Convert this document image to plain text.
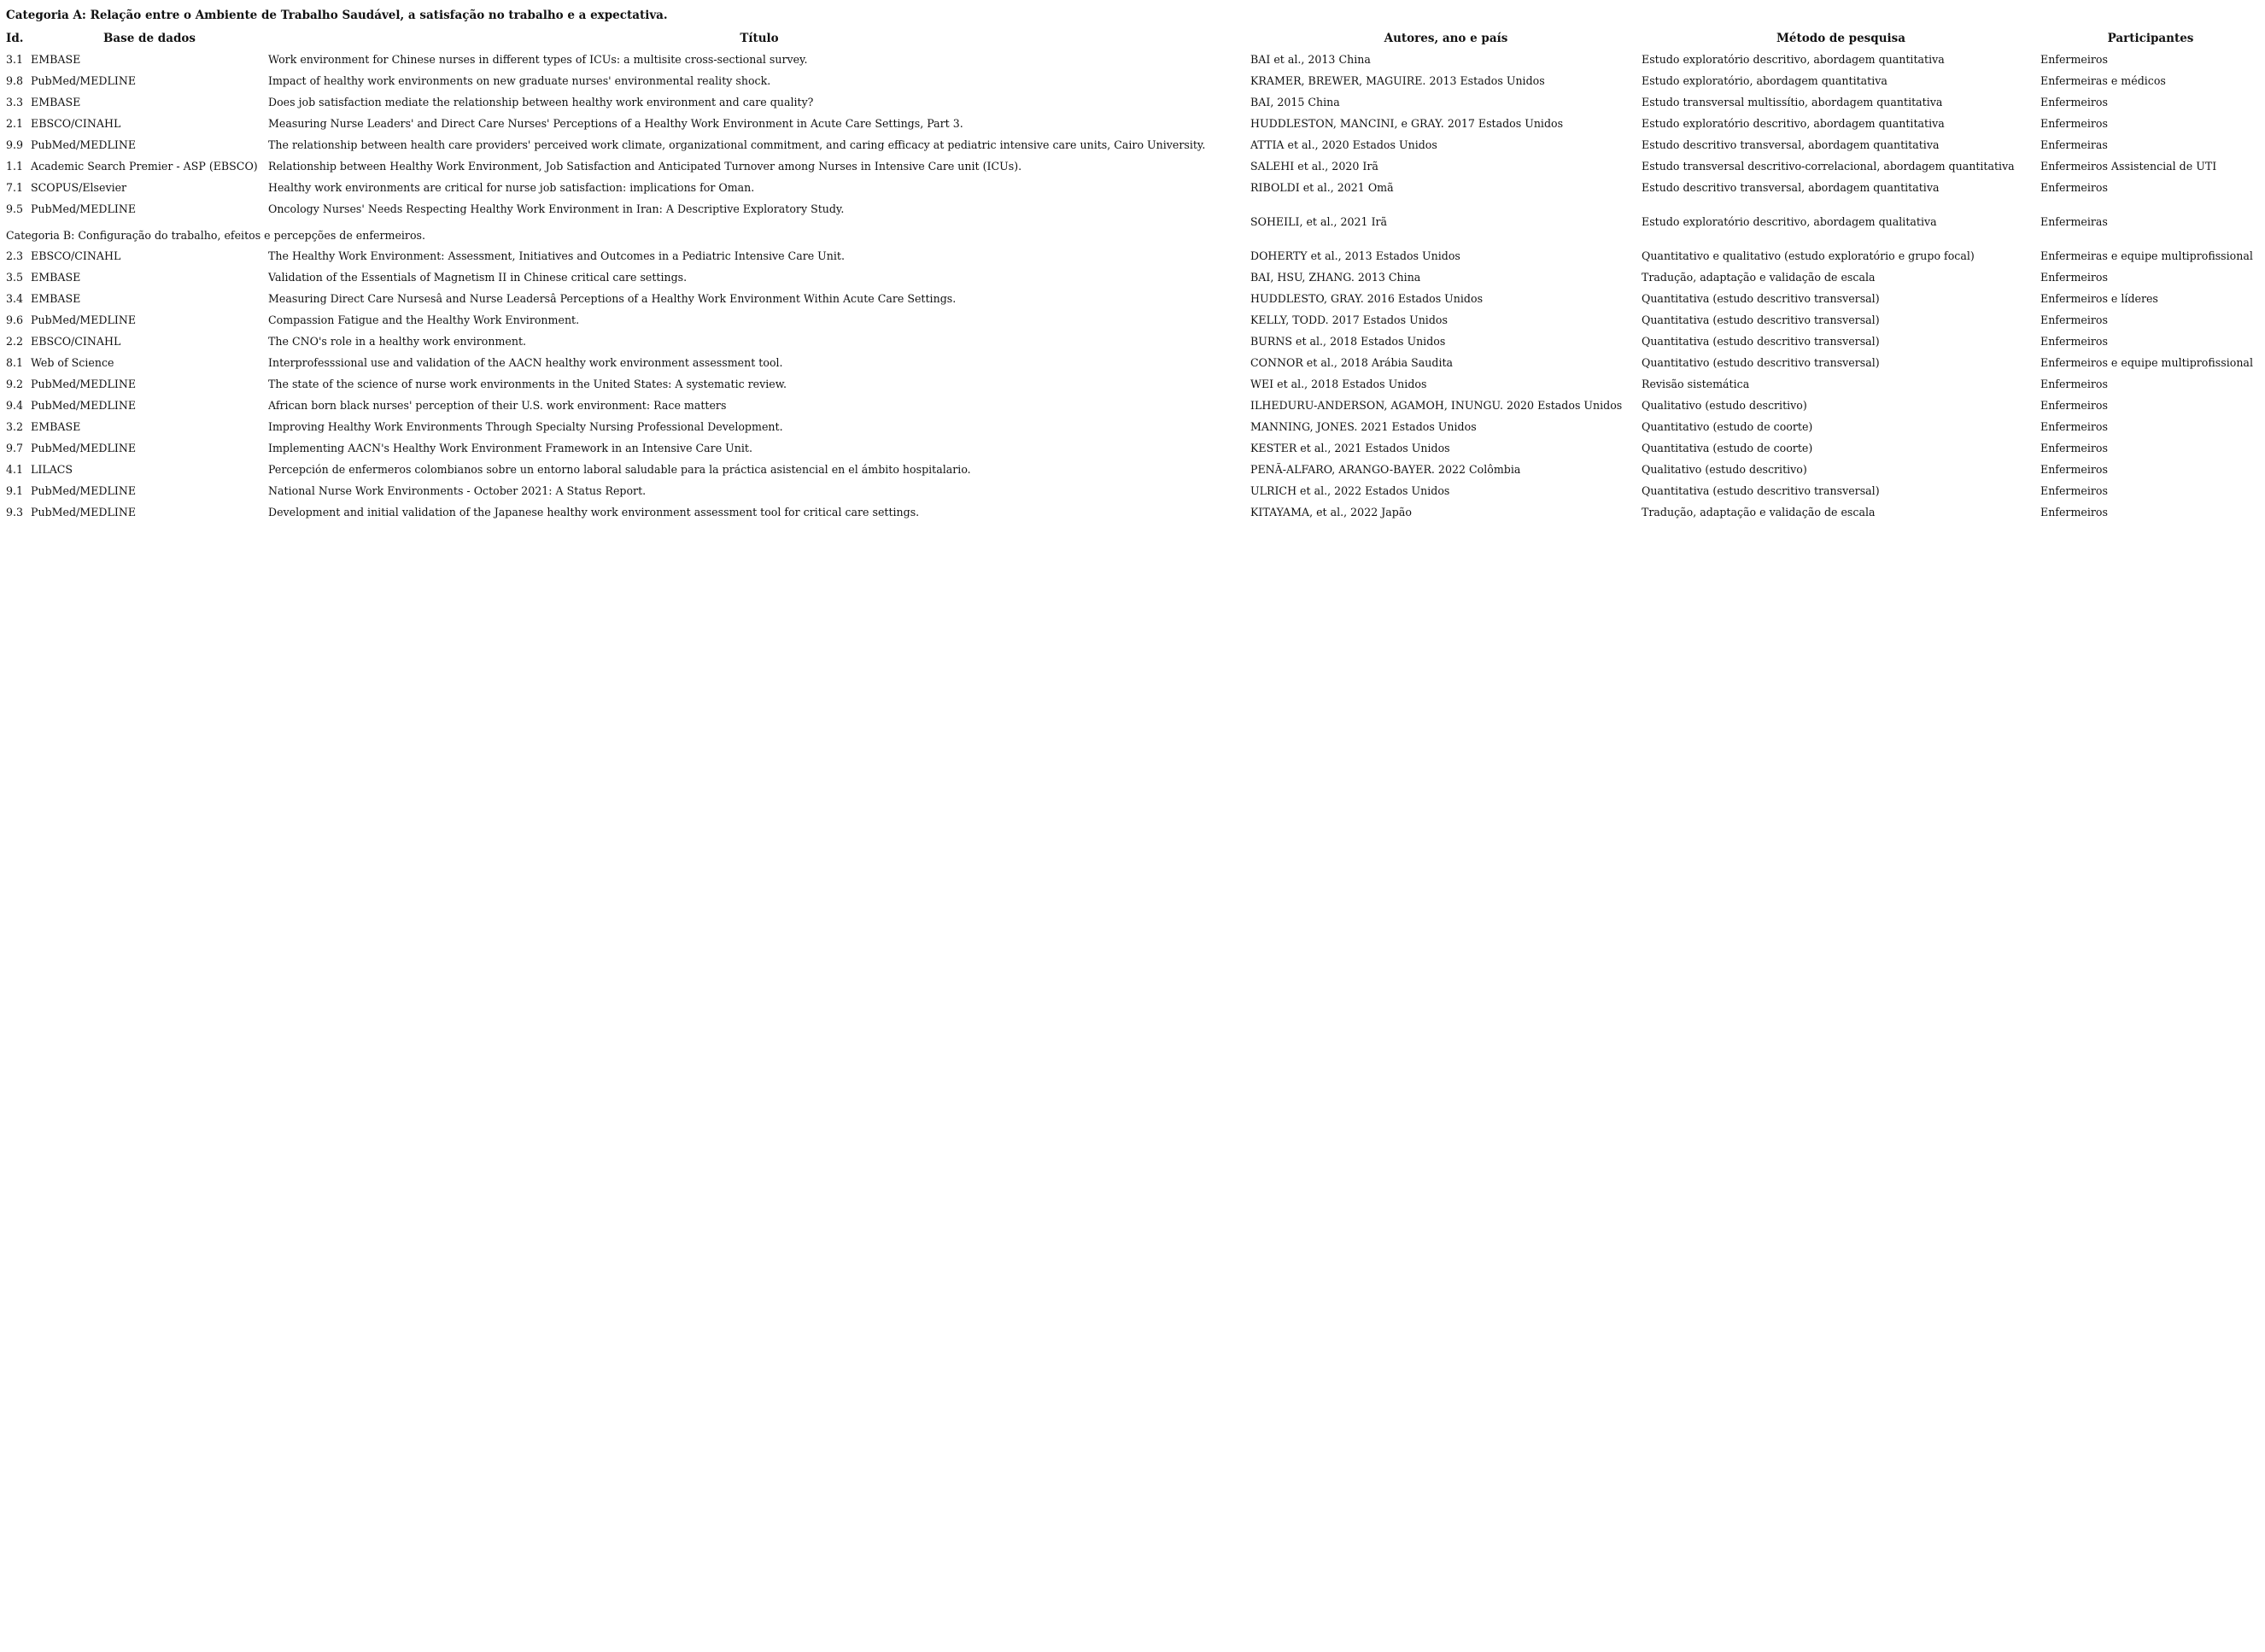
Categoria A: Relação entre o Ambiente de Trabalho Saudável, a satisfação no trabalho e a expectativa.
Id.	Base de dados	Título	Autores, ano e país	Método de pesquisa	Participantes
3.1	EMBASE	Work environment for Chinese nurses in different types of ICUs: a multisite cross-sectional survey.	BAI et al., 2013 China	Estudo exploratório descritivo, abordagem quantitativa	Enfermeiros
9.8	PubMed/MEDLINE	Impact of healthy work environments on new graduate nurses' environmental reality shock.	KRAMER, BREWER, MAGUIRE. 2013 Estados Unidos	Estudo exploratório, abordagem quantitativa	Enfermeiras e médicos
3.3	EMBASE	Does job satisfaction mediate the relationship between healthy work environment and care quality?	BAI, 2015 China	Estudo transversal multissítio, abordagem quantitativa	Enfermeiros
2.1	EBSCO/CINAHL	Measuring Nurse Leaders' and Direct Care Nurses' Perceptions of a Healthy Work Environment in Acute Care Settings, Part 3.	HUDDLESTON, MANCINI, e GRAY. 2017 Estados Unidos	Estudo exploratório descritivo, abordagem quantitativa	Enfermeiros
9.9	PubMed/MEDLINE	The relationship between health care providers' perceived work climate, organizational commitment, and caring efficacy at pediatric intensive care units, Cairo University.	ATTIA et al., 2020 Estados Unidos	Estudo descritivo transversal, abordagem quantitativa	Enfermeiras
1.1	Academic Search Premier - ASP (EBSCO)	Relationship between Healthy Work Environment, Job Satisfaction and Anticipated Turnover among Nurses in Intensive Care unit (ICUs).	SALEHI et al., 2020 Irã	Estudo transversal descritivo-correlacional, abordagem quantitativa	Enfermeiros Assistencial de UTI
7.1	SCOPUS/Elsevier	Healthy work environments are critical for nurse job satisfaction: implications for Oman.	RIBOLDI et al., 2021 Omã	Estudo descritivo transversal, abordagem quantitativa	Enfermeiros
9.5	PubMed/MEDLINE	Oncology Nurses' Needs Respecting Healthy Work Environment in Iran: A Descriptive Exploratory Study.	SOHEILI, et al., 2021 Irã	Estudo exploratório descritivo, abordagem qualitativa	Enfermeiras
Categoria B: Configuração do trabalho, efeitos e percepções de enfermeiros.
2.3	EBSCO/CINAHL	The Healthy Work Environment: Assessment, Initiatives and Outcomes in a Pediatric Intensive Care Unit.	DOHERTY et al., 2013 Estados Unidos	Quantitativo e qualitativo (estudo exploratório e grupo focal)	Enfermeiras e equipe multiprofissional
3.5	EMBASE	Validation of the Essentials of Magnetism II in Chinese critical care settings.	BAI, HSU, ZHANG. 2013 China	Tradução, adaptação e validação de escala	Enfermeiros
3.4	EMBASE	Measuring Direct Care Nursesâ and Nurse Leadersâ Perceptions of a Healthy Work Environment Within Acute Care Settings.	HUDDLESTO, GRAY. 2016 Estados Unidos	Quantitativa (estudo descritivo transversal)	Enfermeiros e líderes
9.6	PubMed/MEDLINE	Compassion Fatigue and the Healthy Work Environment.	KELLY, TODD. 2017 Estados Unidos	Quantitativa (estudo descritivo transversal)	Enfermeiros
2.2	EBSCO/CINAHL	The CNO's role in a healthy work environment.	BURNS et al., 2018 Estados Unidos	Quantitativa (estudo descritivo transversal)	Enfermeiros
8.1	Web of Science	Interprofesssional use and validation of the AACN healthy work environment assessment tool.	CONNOR et al., 2018 Arábia Saudita	Quantitativo (estudo descritivo transversal)	Enfermeiros e equipe multiprofissional
9.2	PubMed/MEDLINE	The state of the science of nurse work environments in the United States: A systematic review.	WEI et al., 2018 Estados Unidos	Revisão sistemática	Enfermeiros
9.4	PubMed/MEDLINE	African born black nurses' perception of their U.S. work environment: Race matters	ILHEDURU-ANDERSON, AGAMOH, INUNGU. 2020 Estados Unidos	Qualitativo (estudo descritivo)	Enfermeiros
3.2	EMBASE	Improving Healthy Work Environments Through Specialty Nursing Professional Development.	MANNING, JONES. 2021 Estados Unidos	Quantitativo (estudo de coorte)	Enfermeiros
9.7	PubMed/MEDLINE	Implementing AACN's Healthy Work Environment Framework in an Intensive Care Unit.	KESTER et al., 2021 Estados Unidos	Quantitativa (estudo de coorte)	Enfermeiros
4.1	LILACS	Percepción de enfermeros colombianos sobre un entorno laboral saludable para la práctica asistencial en el ámbito hospitalario.	PENÃ-ALFARO, ARANGO-BAYER. 2022 Colômbia	Qualitativo (estudo descritivo)	Enfermeiros
9.1	PubMed/MEDLINE	National Nurse Work Environments - October 2021: A Status Report.	ULRICH et al., 2022 Estados Unidos	Quantitativa (estudo descritivo transversal)	Enfermeiros
9.3	PubMed/MEDLINE	Development and initial validation of the Japanese healthy work environment assessment tool for critical care settings.	KITAYAMA, et al., 2022 Japão	Tradução, adaptação e validação de escala	Enfermeiros
